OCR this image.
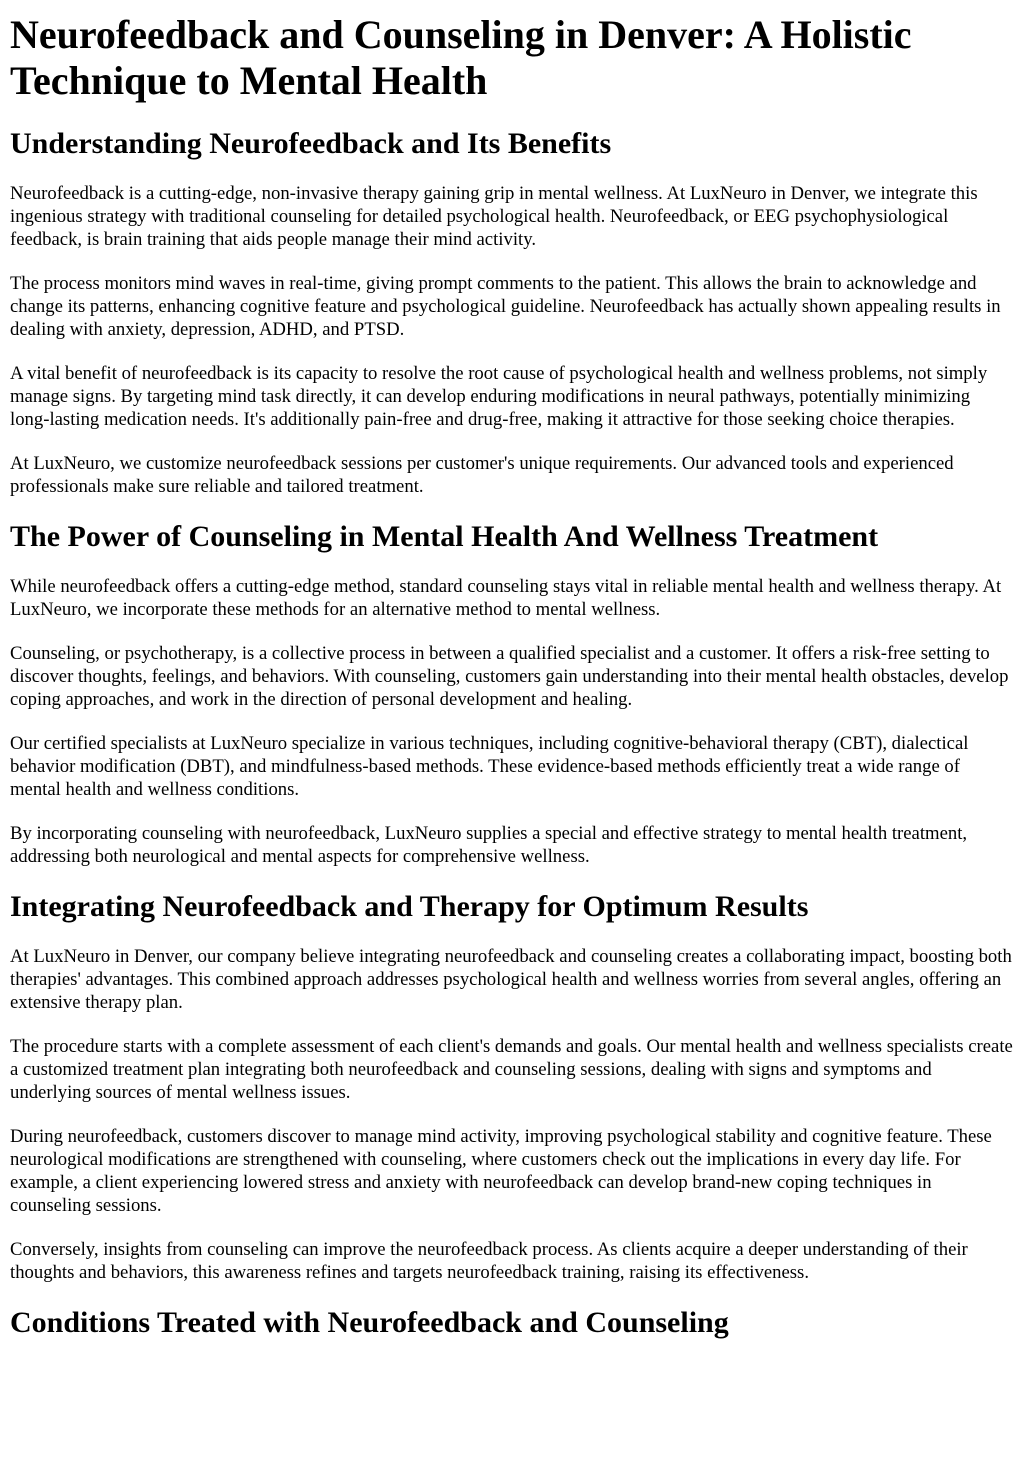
Neurofeedback and Counseling in Denver: A Holistic Technique to Mental Health
Understanding Neurofeedback and Its Benefits

Neurofeedback is a cutting-edge, non-invasive therapy gaining grip in mental wellness. At LuxNeuro in Denver, we integrate this ingenious strategy with traditional counseling for detailed psychological health. Neurofeedback, or EEG psychophysiological feedback, is brain training that aids people manage their mind activity.

The process monitors mind waves in real-time, giving prompt comments to the patient. This allows the brain to acknowledge and change its patterns, enhancing cognitive feature and psychological guideline. Neurofeedback has actually shown appealing results in dealing with anxiety, depression, ADHD, and PTSD.

A vital benefit of neurofeedback is its capacity to resolve the root cause of psychological health and wellness problems, not simply manage signs. By targeting mind task directly, it can develop enduring modifications in neural pathways, potentially minimizing long-lasting medication needs. It's additionally pain-free and drug-free, making it attractive for those seeking choice therapies.

At LuxNeuro, we customize neurofeedback sessions per customer's unique requirements. Our advanced tools and experienced professionals make sure reliable and tailored treatment.

The Power of Counseling in Mental Health And Wellness Treatment

While neurofeedback offers a cutting-edge method, standard counseling stays vital in reliable mental health and wellness therapy. At LuxNeuro, we incorporate these methods for an alternative method to mental wellness.

Counseling, or psychotherapy, is a collective process in between a qualified specialist and a customer. It offers a risk-free setting to discover thoughts, feelings, and behaviors. With counseling, customers gain understanding into their mental health obstacles, develop coping approaches, and work in the direction of personal development and healing.

Our certified specialists at LuxNeuro specialize in various techniques, including cognitive-behavioral therapy (CBT), dialectical behavior modification (DBT), and mindfulness-based methods. These evidence-based methods efficiently treat a wide range of mental health and wellness conditions.

By incorporating counseling with neurofeedback, LuxNeuro supplies a special and effective strategy to mental health treatment, addressing both neurological and mental aspects for comprehensive wellness.

Integrating Neurofeedback and Therapy for Optimum Results

At LuxNeuro in Denver, our company believe integrating neurofeedback and counseling creates a collaborating impact, boosting both therapies' advantages. This combined approach addresses psychological health and wellness worries from several angles, offering an extensive therapy plan.

The procedure starts with a complete assessment of each client's demands and goals. Our mental health and wellness specialists create a customized treatment plan integrating both neurofeedback and counseling sessions, dealing with signs and symptoms and underlying sources of mental wellness issues.

During neurofeedback, customers discover to manage mind activity, improving psychological stability and cognitive feature. These neurological modifications are strengthened with counseling, where customers check out the implications in every day life. For example, a client experiencing lowered stress and anxiety with neurofeedback can develop brand-new coping techniques in counseling sessions.

Conversely, insights from counseling can improve the neurofeedback process. As clients acquire a deeper understanding of their thoughts and behaviors, this awareness refines and targets neurofeedback training, raising its effectiveness.

Conditions Treated with Neurofeedback and Counseling
